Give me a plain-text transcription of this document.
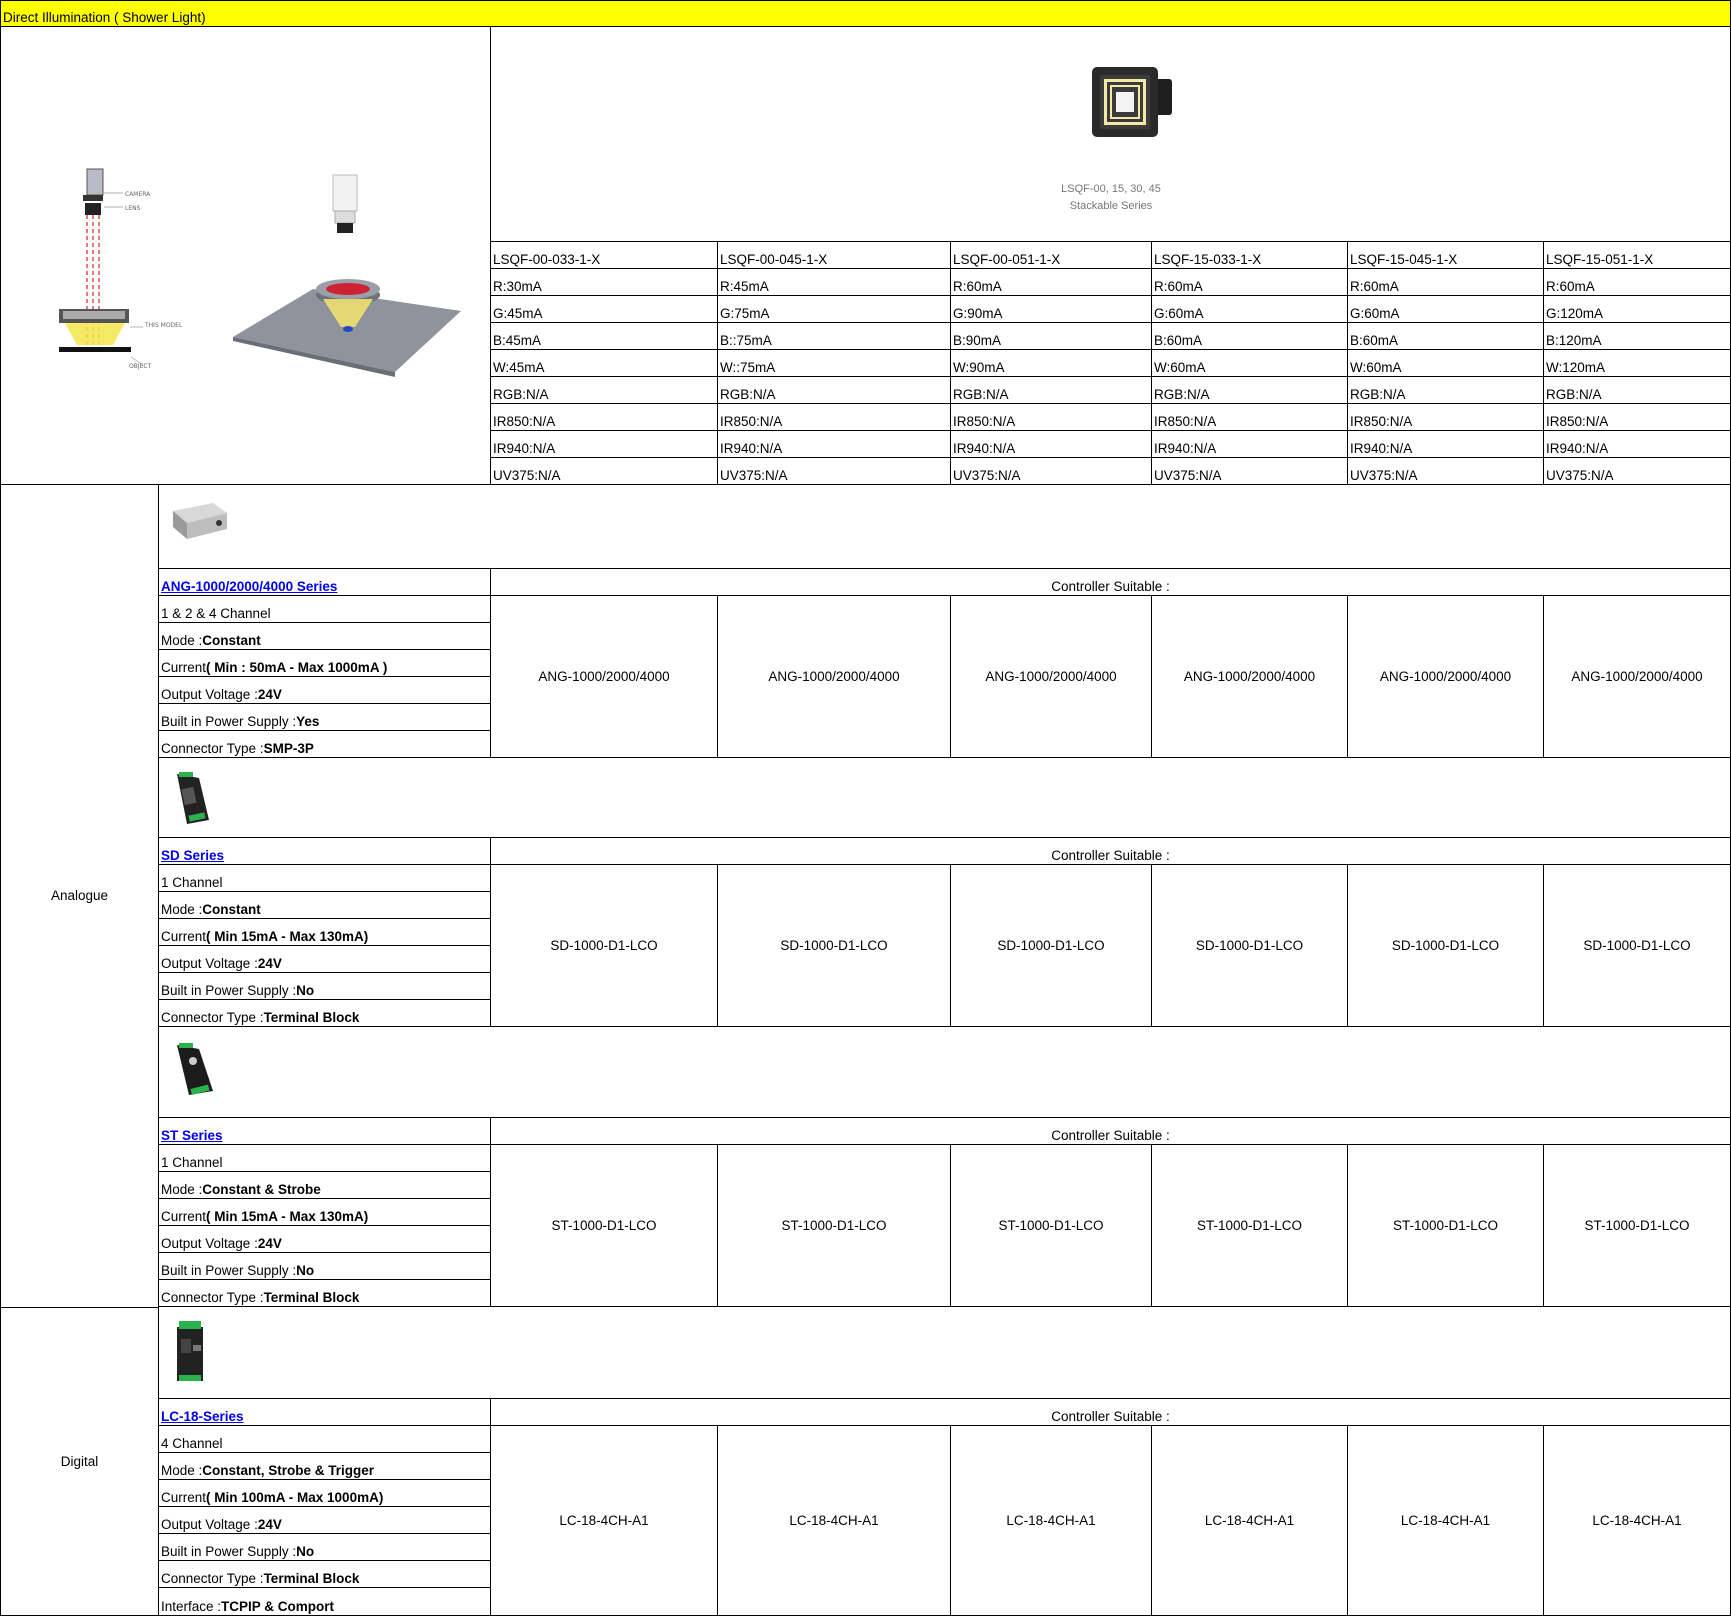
Direct Illumination ( Shower Light)
CAMERA
LENS
THIS MODEL
OBJECT
LSQF-00, 15, 30, 45
Stackable Series
LSQF-00-033-1-X	LSQF-00-045-1-X	LSQF-00-051-1-X	LSQF-15-033-1-X	LSQF-15-045-1-X	LSQF-15-051-1-X
R:30mA	R:45mA	R:60mA	R:60mA	R:60mA	R:60mA
G:45mA	G:75mA	G:90mA	G:60mA	G:60mA	G:120mA
B:45mA	B::75mA	B:90mA	B:60mA	B:60mA	B:120mA
W:45mA	W::75mA	W:90mA	W:60mA	W:60mA	W:120mA
RGB:N/A	RGB:N/A	RGB:N/A	RGB:N/A	RGB:N/A	RGB:N/A
IR850:N/A	IR850:N/A	IR850:N/A	IR850:N/A	IR850:N/A	IR850:N/A
IR940:N/A	IR940:N/A	IR940:N/A	IR940:N/A	IR940:N/A	IR940:N/A
UV375:N/A	UV375:N/A	UV375:N/A	UV375:N/A	UV375:N/A	UV375:N/A
Analogue
Digital
ANG-1000/2000/4000 Series	Controller Suitable :
1 & 2 & 4 Channel
Mode : Constant
Current ( Min : 50mA - Max 1000mA )
Output Voltage : 24V
Built in Power Supply : Yes
Connector Type : SMP-3P
ANG-1000/2000/4000	ANG-1000/2000/4000	ANG-1000/2000/4000	ANG-1000/2000/4000	ANG-1000/2000/4000	ANG-1000/2000/4000
SD Series	Controller Suitable :
1 Channel
Mode : Constant
Current ( Min 15mA - Max 130mA)
Output Voltage : 24V
Built in Power Supply : No
Connector Type : Terminal Block
SD-1000-D1-LCO	SD-1000-D1-LCO	SD-1000-D1-LCO	SD-1000-D1-LCO	SD-1000-D1-LCO	SD-1000-D1-LCO
ST Series	Controller Suitable :
1 Channel
Mode : Constant & Strobe
Current ( Min 15mA - Max 130mA)
Output Voltage : 24V
Built in Power Supply : No
Connector Type : Terminal Block
ST-1000-D1-LCO	ST-1000-D1-LCO	ST-1000-D1-LCO	ST-1000-D1-LCO	ST-1000-D1-LCO	ST-1000-D1-LCO
LC-18-Series	Controller Suitable :
4 Channel
Mode : Constant, Strobe & Trigger
Current ( Min 100mA - Max 1000mA)
Output Voltage : 24V
Built in Power Supply : No
Connector Type : Terminal Block
Interface : TCPIP & Comport
LC-18-4CH-A1	LC-18-4CH-A1	LC-18-4CH-A1	LC-18-4CH-A1	LC-18-4CH-A1	LC-18-4CH-A1
